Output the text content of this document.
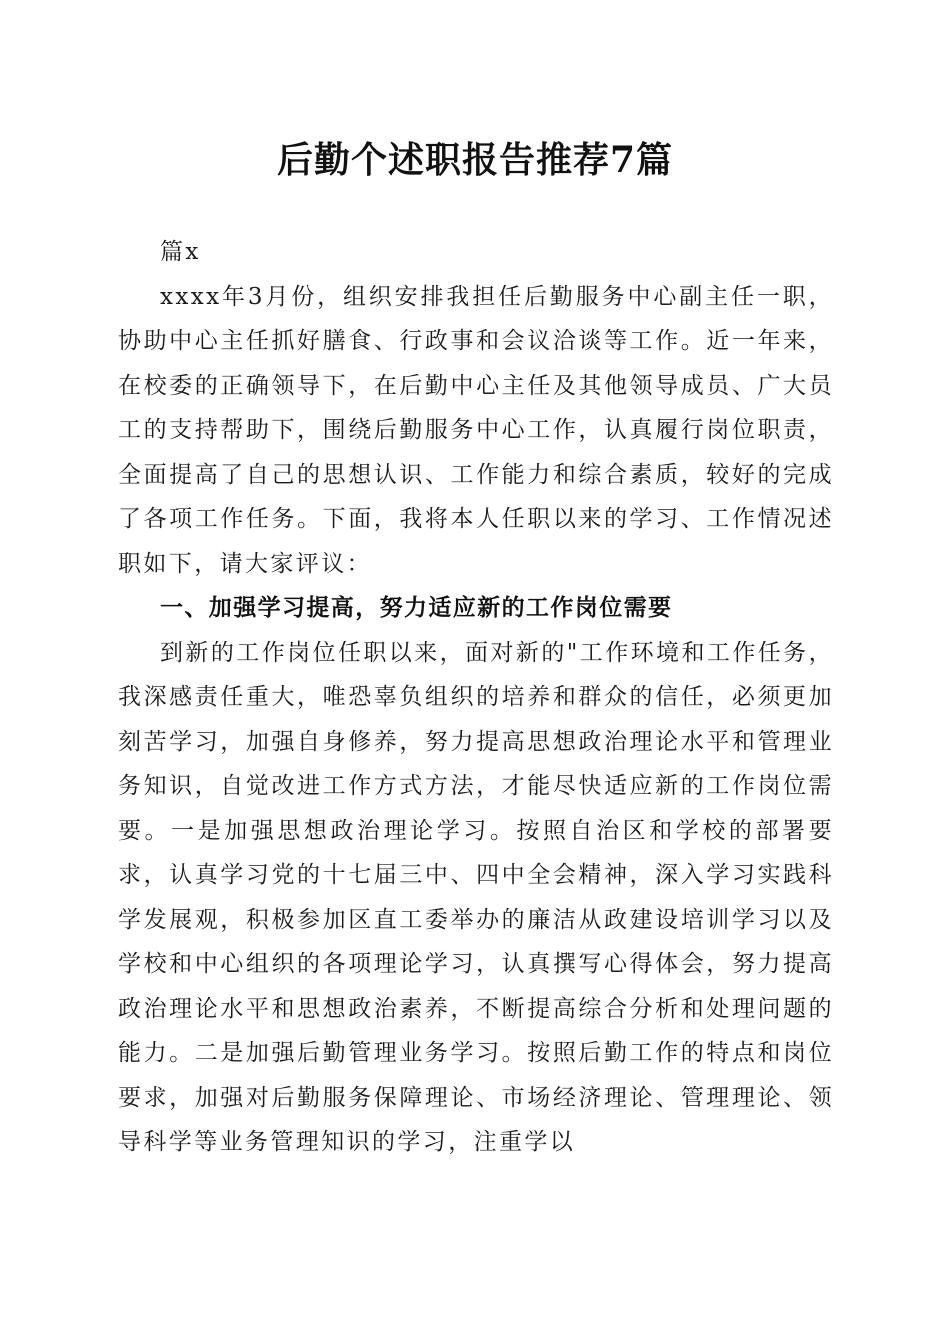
后勤个述职报告推荐7篇

篇x

xxxx年3月份，组织安排我担任后勤服务中心副主任一职，协助中心主任抓好膳食、行政事和会议洽谈等工作。近一年来，在校委的正确领导下，在后勤中心主任及其他领导成员、广大员工的支持帮助下，围绕后勤服务中心工作，认真履行岗位职责，全面提高了自己的思想认识、工作能力和综合素质，较好的完成了各项工作任务。下面，我将本人任职以来的学习、工作情况述职如下，请大家评议：

一、加强学习提高，努力适应新的工作岗位需要

到新的工作岗位任职以来，面对新的"工作环境和工作任务，我深感责任重大，唯恐辜负组织的培养和群众的信任，必须更加刻苦学习，加强自身修养，努力提高思想政治理论水平和管理业务知识，自觉改进工作方式方法，才能尽快适应新的工作岗位需要。一是加强思想政治理论学习。按照自治区和学校的部署要求，认真学习党的十七届三中、四中全会精神，深入学习实践科学发展观，积极参加区直工委举办的廉洁从政建设培训学习以及学校和中心组织的各项理论学习，认真撰写心得体会，努力提高政治理论水平和思想政治素养，不断提高综合分析和处理问题的能力。二是加强后勤管理业务学习。按照后勤工作的特点和岗位要求，加强对后勤服务保障理论、市场经济理论、管理理论、领导科学等业务管理知识的学习，注重学以
